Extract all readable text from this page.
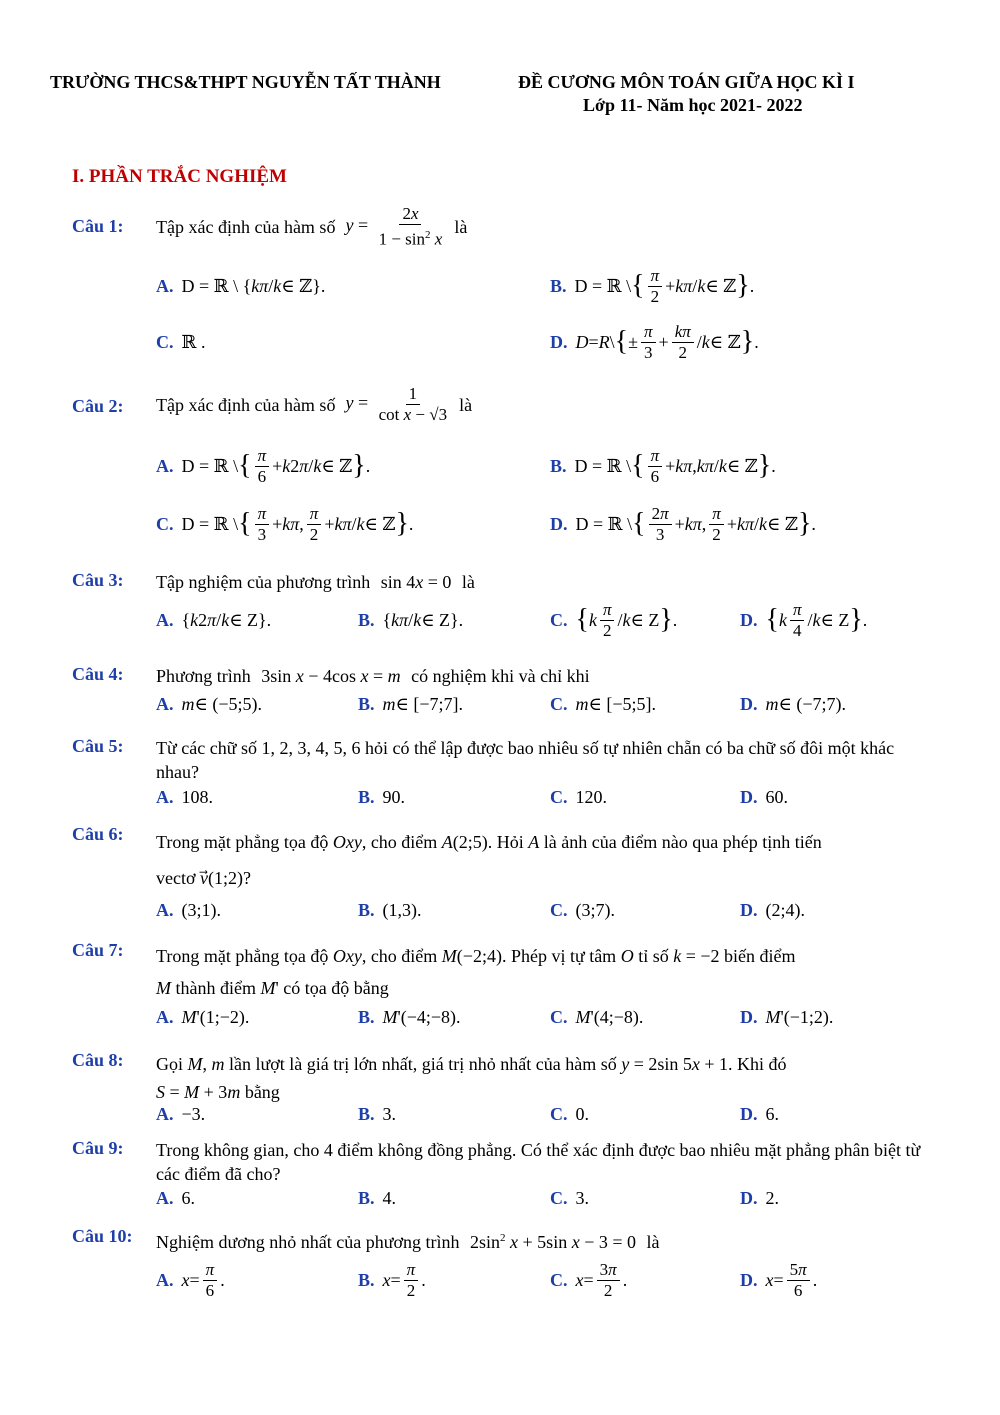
TRƯỜNG THCS&THPT NGUYỄN TẤT THÀNH	ĐỀ CƯƠNG MÔN TOÁN GIỮA HỌC KÌ I
Lớp 11- Năm học 2021- 2022
I. PHẦN TRẮC NGHIỆM
Câu 1: Tập xác định của hàm số $y = \frac{2x}{1 - \sin^2 x}$ là
A. D = ℝ \ { kπ / k ∈ ℤ}.	B. D = ℝ \ { $\frac{\pi}{2} + k\pi / k$ ∈ ℤ } .
C. ℝ .	D. D = R \ { ± $\frac{\pi}{3} + \frac{k\pi}{2} / k$ ∈ ℤ } .
Câu 2: Tập xác định của hàm số $y = \frac{1}{\text{cot x − √3}}$ là
A. D = ℝ \ { $\frac{\pi}{6} + k$ 2 π / k ∈ ℤ } .	B. D = ℝ \ { $\frac{\pi}{6} + k\pi$ , kπ / k ∈ ℤ } .
C. D = ℝ \ { $\frac{\pi}{3} + k\pi$ , $\frac{\pi}{2} + k\pi / k$ ∈ ℤ } .	D. D = ℝ \ { $\frac{2\pi}{3} + k\pi$ , $\frac{\pi}{2} + k\pi / k$ ∈ ℤ } .
Câu 3: Tập nghiệm của phương trình sin 4x = 0 là
A. { k 2 π / k ∈ Z}.	B. { kπ / k ∈ Z}.	C. { k $\frac{\pi}{2}$ / k ∈ Z } .	D. { k $\frac{\pi}{4}$ / k ∈ Z } .
Câu 4: Phương trình 3sin x − 4cos x = m có nghiệm khi và chỉ khi
A. m ∈ (−5;5).	B. m ∈ [−7;7].	C. m ∈ [−5;5].	D. m ∈ (−7;7).
Câu 5: Từ các chữ số 1, 2, 3, 4, 5, 6 hỏi có thể lập được bao nhiêu số tự nhiên chẵn có ba chữ số đôi một khác nhau?
A. 108 .	B. 90 .	C. 120 .	D. 60 .
Câu 6: Trong mặt phẳng tọa độ Oxy, cho điểm A(2;5). Hỏi A là ảnh của điểm nào qua phép tịnh tiến
vectơ v⃗(1;2)?
A. (3;1).	B. (1,3).	C. (3;7).	D. (2;4).
Câu 7: Trong mặt phẳng tọa độ Oxy, cho điểm M(−2;4). Phép vị tự tâm O tỉ số k = −2 biến điểm
M thành điểm M' có tọa độ bằng
A. M '(1;−2).	B. M '(−4;−8).	C. M '(4;−8).	D. M '(−1;2).
Câu 8: Gọi M, m lần lượt là giá trị lớn nhất, giá trị nhỏ nhất của hàm số y = 2sin 5x + 1. Khi đó
S = M + 3m bằng
A. −3 .	B. 3 .	C. 0 .	D. 6 .
Câu 9: Trong không gian, cho 4 điểm không đồng phẳng. Có thể xác định được bao nhiêu mặt phẳng phân biệt từ các điểm đã cho?
A. 6.	B. 4.	C. 3.	D. 2.
Câu 10: Nghiệm dương nhỏ nhất của phương trình $2\sin^2$ x + 5sin x − 3 = 0 là
A. $x = \frac{\pi}{6}$ .	B. $x = \frac{\pi}{2}$ .	C. $x = \frac{3\pi}{2}$ .	D. $x = \frac{5\pi}{6}$ .
